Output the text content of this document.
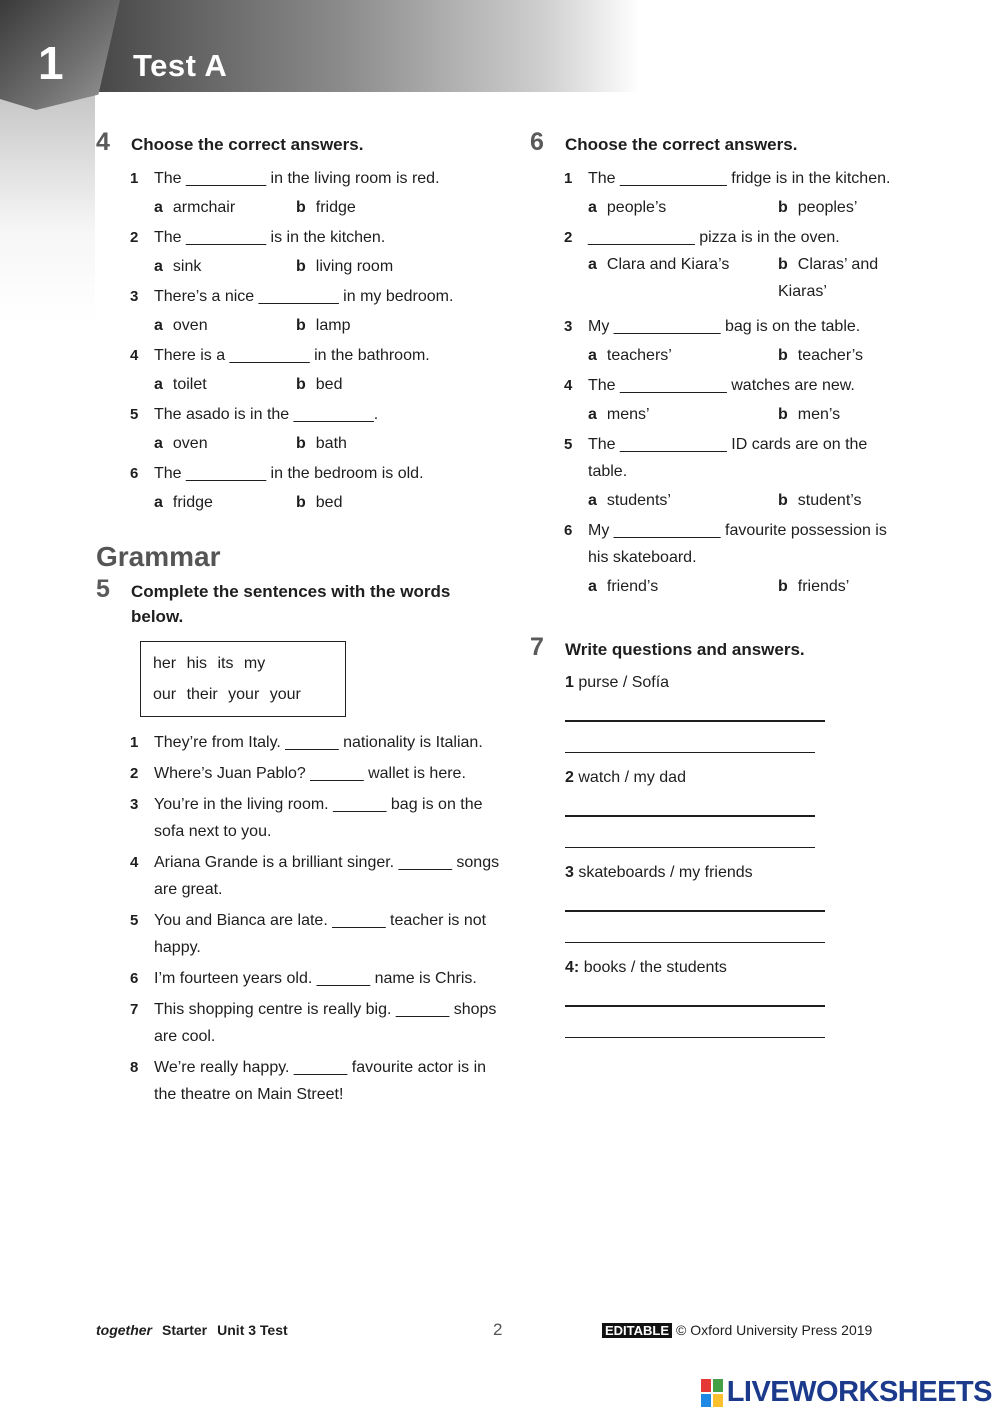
1 Test A
4	Choose the correct answers.
1 The _________ in the living room is red.
a armchair	b fridge
2 The _________ is in the kitchen.
a sink	b living room
3 There’s a nice _________ in my bedroom.
a oven	b lamp
4 There is a _________ in the bathroom.
a toilet	b bed
5 The asado is in the _________.
a oven	b bath
6 The _________ in the bedroom is old.
a fridge	b bed
Grammar
5	Complete the sentences with the words below.
her his its my
our their your your
1 They’re from Italy. ______ nationality is Italian.
2 Where’s Juan Pablo? ______ wallet is here.
3 You’re in the living room. ______ bag is on the sofa next to you.
4 Ariana Grande is a brilliant singer. ______ songs are great.
5 You and Bianca are late. ______ teacher is not happy.
6 I’m fourteen years old. ______ name is Chris.
7 This shopping centre is really big. ______ shops are cool.
8 We’re really happy. ______ favourite actor is in the theatre on Main Street!
6	Choose the correct answers.
1 The ____________ fridge is in the kitchen.
a people’s	b peoples’
2 ____________ pizza is in the oven.
a Clara and Kiara’s	b Claras’ and Kiaras’
3 My ____________ bag is on the table.
a teachers’	b teacher’s
4 The ____________ watches are new.
a mens’	b men’s
5 The ____________ ID cards are on the table.
a students’	b student’s
6 My ____________ favourite possession is his skateboard.
a friend’s	b friends’
7	Write questions and answers.
1 purse / Sofía
2 watch / my dad
3 skateboards / my friends
4: books / the students
together Starter Unit 3 Test	2	EDITABLE © Oxford University Press 2019
LIVEWORKSHEETS
